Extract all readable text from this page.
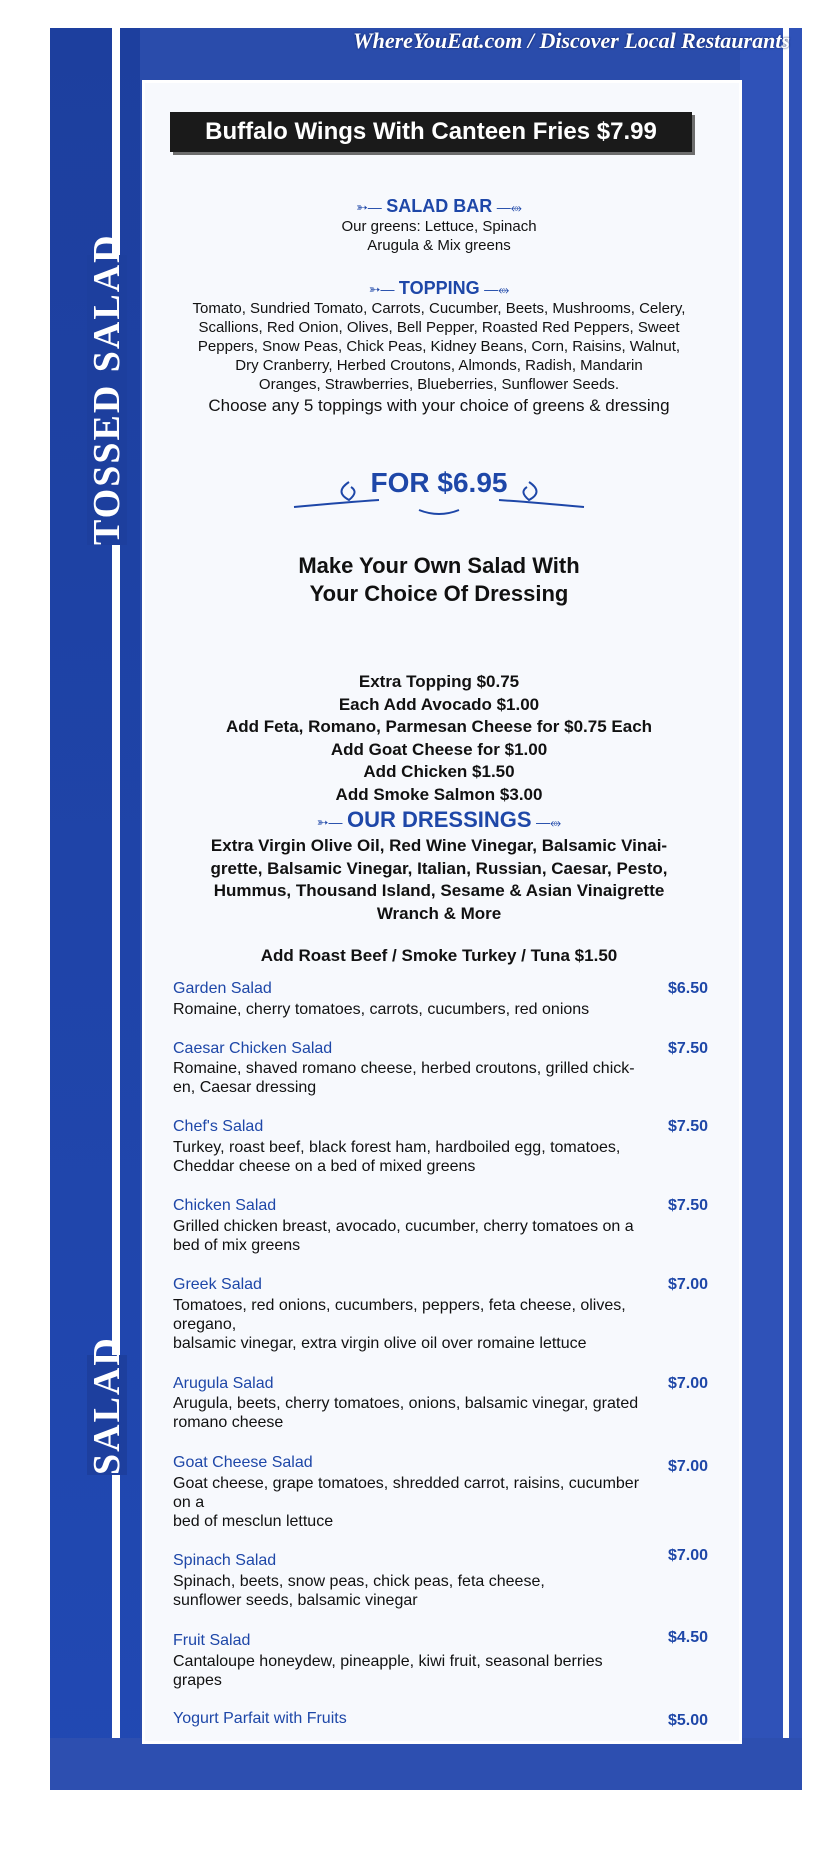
WhereYouEat.com / Discover Local Restaurants
TOSSED SALAD
SALAD
Buffalo Wings With Canteen Fries $7.99
➳— SALAD BAR —⥈
Our greens: Lettuce, Spinach
Arugula & Mix greens
➳— TOPPING —⥈
Tomato, Sundried Tomato, Carrots, Cucumber, Beets, Mushrooms, Celery,
Scallions, Red Onion, Olives, Bell Pepper, Roasted Red Peppers, Sweet
Peppers, Snow Peas, Chick Peas, Kidney Beans, Corn, Raisins, Walnut,
Dry Cranberry, Herbed Croutons, Almonds, Radish, Mandarin
Oranges, Strawberries, Blueberries, Sunflower Seeds.
Choose any 5 toppings with your choice of greens & dressing
FOR $6.95
Make Your Own Salad With
Your Choice Of Dressing
Extra Topping $0.75
Each Add Avocado $1.00
Add Feta, Romano, Parmesan Cheese for $0.75 Each
Add Goat Cheese for $1.00
Add Chicken $1.50
Add Smoke Salmon $3.00
➳— OUR DRESSINGS —⥈
Extra Virgin Olive Oil, Red Wine Vinegar, Balsamic Vinai-
grette, Balsamic Vinegar, Italian, Russian, Caesar, Pesto,
Hummus, Thousand Island, Sesame & Asian Vinaigrette
Wranch & More
Add Roast Beef / Smoke Turkey / Tuna $1.50
Garden Salad	$6.50
Romaine, cherry tomatoes, carrots, cucumbers, red onions
Caesar Chicken Salad	$7.50
Romaine, shaved romano cheese, herbed croutons, grilled chick-
en, Caesar dressing
Chef's Salad	$7.50
Turkey, roast beef, black forest ham, hardboiled egg, tomatoes,
Cheddar cheese on a bed of mixed greens
Chicken Salad	$7.50
Grilled chicken breast, avocado, cucumber, cherry tomatoes on a
bed of mix greens
Greek Salad	$7.00
Tomatoes, red onions, cucumbers, peppers, feta cheese, olives,
oregano,
balsamic vinegar, extra virgin olive oil over romaine lettuce
Arugula Salad	$7.00
Arugula, beets, cherry tomatoes, onions, balsamic vinegar, grated
romano cheese
Goat Cheese Salad	$7.00
Goat cheese, grape tomatoes, shredded carrot, raisins, cucumber
on a
bed of mesclun lettuce
Spinach Salad	$7.00
Spinach, beets, snow peas, chick peas, feta cheese,
sunflower seeds, balsamic vinegar
Fruit Salad	$4.50
Cantaloupe honeydew, pineapple, kiwi fruit, seasonal berries
grapes
Yogurt Parfait with Fruits	$5.00
